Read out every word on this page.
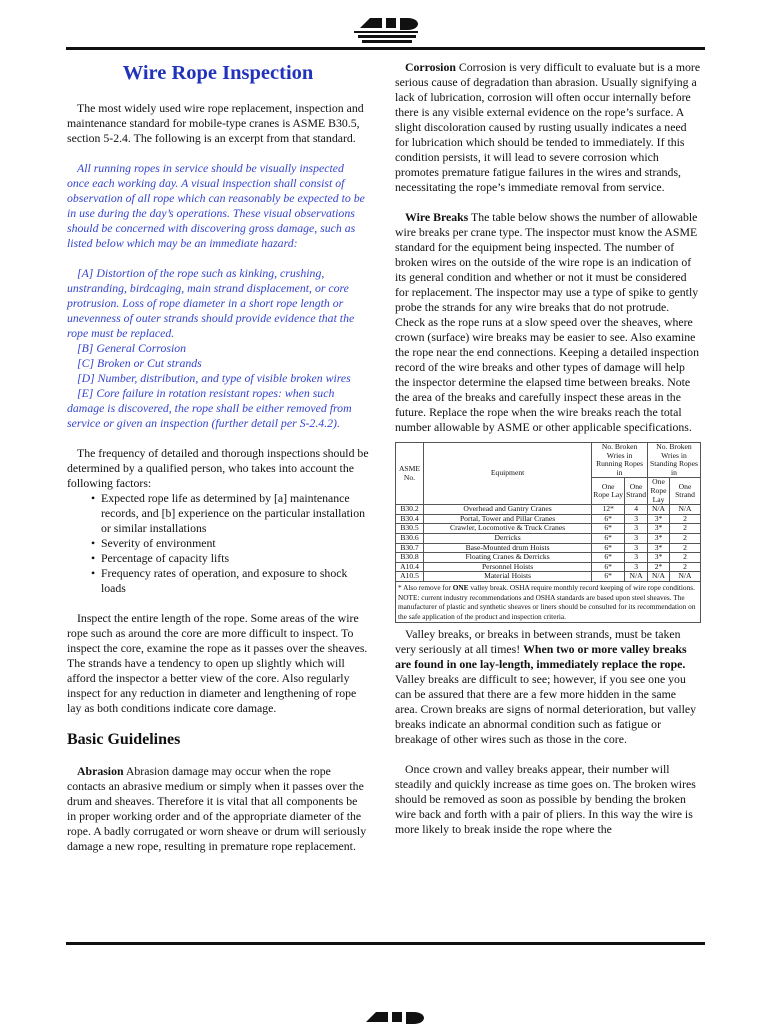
Wire Rope Inspection

The most widely used wire rope replacement, inspection and maintenance standard for mobile-type cranes is ASME B30.5, section 5-2.4. The following is an excerpt from that standard.

All running ropes in service should be visually inspected once each working day. A visual inspection shall consist of observation of all rope which can reasonably be expected to be in use during the day’s operations. These visual observations should be concerned with discovering gross damage, such as listed below which may be an immediate hazard:

[A] Distortion of the rope such as kinking, crushing, unstranding, birdcaging, main strand displacement, or core protrusion. Loss of rope diameter in a short rope length or unevenness of outer strands should provide evidence that the rope must be replaced.

[B] General Corrosion

[C] Broken or Cut strands

[D] Number, distribution, and type of visible broken wires

[E] Core failure in rotation resistant ropes: when such damage is discovered, the rope shall be either removed from service or given an inspection (further detail per S-2.4.2).

The frequency of detailed and thorough inspections should be determined by a qualified person, who takes into account the following factors:

• Expected rope life as determined by [a] maintenance records, and [b] experience on the particular installation or similar installations

• Severity of environment

• Percentage of capacity lifts

• Frequency rates of operation, and exposure to shock loads

Inspect the entire length of the rope. Some areas of the wire rope such as around the core are more difficult to inspect. To inspect the core, examine the rope as it passes over the sheaves. The strands have a tendency to open up slightly which will afford the inspector a better view of the core. Also regularly inspect for any reduction in diameter and lengthening of rope lay as both conditions indicate core damage.

Basic Guidelines

Abrasion Abrasion damage may occur when the rope contacts an abrasive medium or simply when it passes over the drum and sheaves. Therefore it is vital that all components be in proper working order and of the appropriate diameter of the rope. A badly corrugated or worn sheave or drum will seriously damage a new rope, resulting in premature rope replacement.

Corrosion Corrosion is very difficult to evaluate but is a more serious cause of degradation than abrasion. Usually signifying a lack of lubrication, corrosion will often occur internally before there is any visible external evidence on the rope’s surface. A slight discoloration caused by rusting usually indicates a need for lubrication which should be tended to immediately. If this condition persists, it will lead to severe corrosion which promotes premature fatigue failures in the wires and strands, necessitating the rope’s immediate removal from service.

Wire Breaks The table below shows the number of allowable wire breaks per crane type. The inspector must know the ASME standard for the equipment being inspected. The number of broken wires on the outside of the wire rope is an indication of its general condition and whether or not it must be considered for replacement. The inspector may use a type of spike to gently probe the strands for any wire breaks that do not protrude. Check as the rope runs at a slow speed over the sheaves, where crown (surface) wire breaks may be easier to see. Also examine the rope near the end connections. Keeping a detailed inspection record of the wire breaks and other types of damage will help the inspector determine the elapsed time between breaks. Note the area of the breaks and carefully inspect these areas in the future. Replace the rope when the wire breaks reach the total number allowable by ASME or other applicable specifications.

ASME No.	Equipment	No. Broken Wries in Running Ropes in		No. Broken Wries in Standing Ropes in	
		One Rope Lay	One Strand	One Rope Lay	One Strand
B30.2	Overhead and Gantry Cranes	12*	4	N/A	N/A
B30.4	Portal, Tower and Pillar Cranes	6*	3	3*	2
B30.5	Crawler, Locomotive & Truck Cranes	6*	3	3*	2
B30.6	Derricks	6*	3	3*	2
B30.7	Base-Mounted drum Hoists	6*	3	3*	2
B30.8	Floating Cranes & Derricks	6*	3	3*	2
A10.4	Personnel Hoists	6*	3	2*	2
A10.5	Material Hoists	6*	N/A	N/A	N/A
* Also remove for ONE valley break. OSHA require monthly record keeping of wire rope conditions. NOTE: current industry recommendations and OSHA standards are based upon steel sheaves. The manufacturer of plastic and synthetic sheaves or liners should be consulted for its recommendation on the safe application of the product and inspection criteria.					

Valley breaks, or breaks in between strands, must be taken very seriously at all times! When two or more valley breaks are found in one lay-length, immediately replace the rope. Valley breaks are difficult to see; however, if you see one you can be assured that there are a few more hidden in the same area. Crown breaks are signs of normal deterioration, but valley breaks indicate an abnormal condition such as fatigue or breakage of other wires such as those in the core.

Once crown and valley breaks appear, their number will steadily and quickly increase as time goes on. The broken wires should be removed as soon as possible by bending the broken wire back and forth with a pair of pliers. In this way the wire is more likely to break inside the rope where the
